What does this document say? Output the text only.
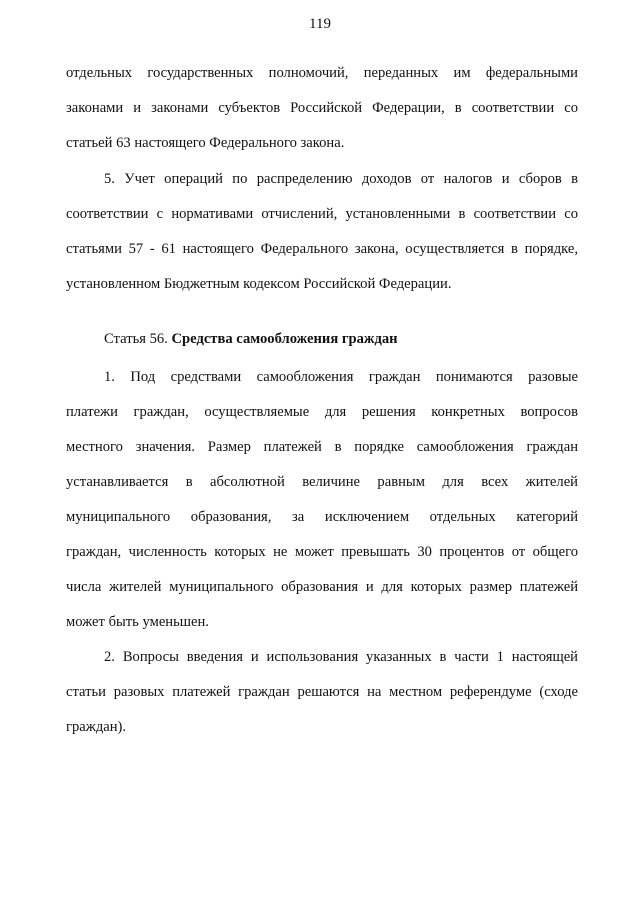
119
отдельных государственных полномочий, переданных им федеральными
законами и законами субъектов Российской Федерации, в соответствии со
статьей 63 настоящего Федерального закона.
5. Учет операций по распределению доходов от налогов и сборов в
соответствии с нормативами отчислений, установленными в соответствии со
статьями 57 - 61 настоящего Федерального закона, осуществляется в порядке,
установленном Бюджетным кодексом Российской Федерации.
Статья 56. Средства самообложения граждан
1. Под средствами самообложения граждан понимаются разовые
платежи граждан, осуществляемые для решения конкретных вопросов
местного значения. Размер платежей в порядке самообложения граждан
устанавливается в абсолютной величине равным для всех жителей
муниципального образования, за исключением отдельных категорий
граждан, численность которых не может превышать 30 процентов от общего
числа жителей муниципального образования и для которых размер платежей
может быть уменьшен.
2. Вопросы введения и использования указанных в части 1 настоящей
статьи разовых платежей граждан решаются на местном референдуме (сходе
граждан).
